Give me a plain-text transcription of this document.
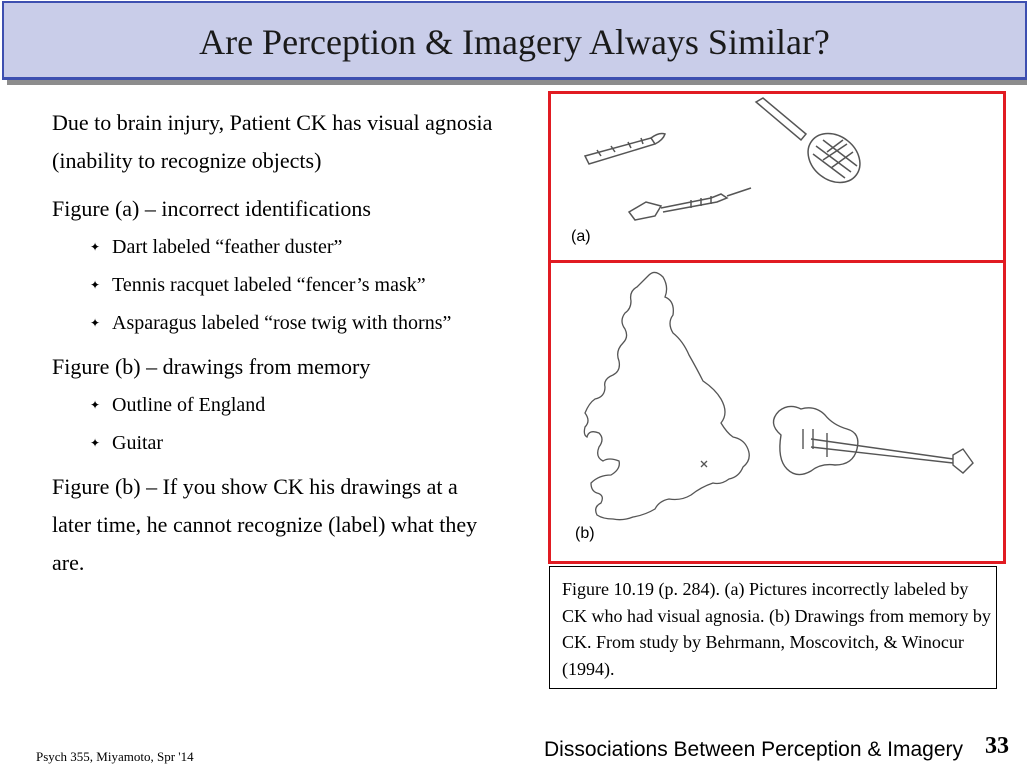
Are Perception & Imagery Always Similar?

Due to brain injury, Patient CK has visual agnosia (inability to recognize objects)

Figure (a) – incorrect identifications

✦ Dart labeled “feather duster”
✦ Tennis racquet labeled “fencer’s mask”
✦ Asparagus labeled “rose twig with thorns”

Figure (b) – drawings from memory

✦ Outline of England
✦ Guitar

Figure (b) – If you show CK his drawings at a later time, he cannot recognize (label) what they are.

(a)
(b)
Figure 10.19 (p. 284). (a) Pictures incorrectly labeled by CK who had visual agnosia. (b) Drawings from memory by CK. From study by Behrmann, Moscovitch, & Winocur (1994).
Psych 355, Miyamoto, Spr '14	Dissociations Between Perception & Imagery 33
